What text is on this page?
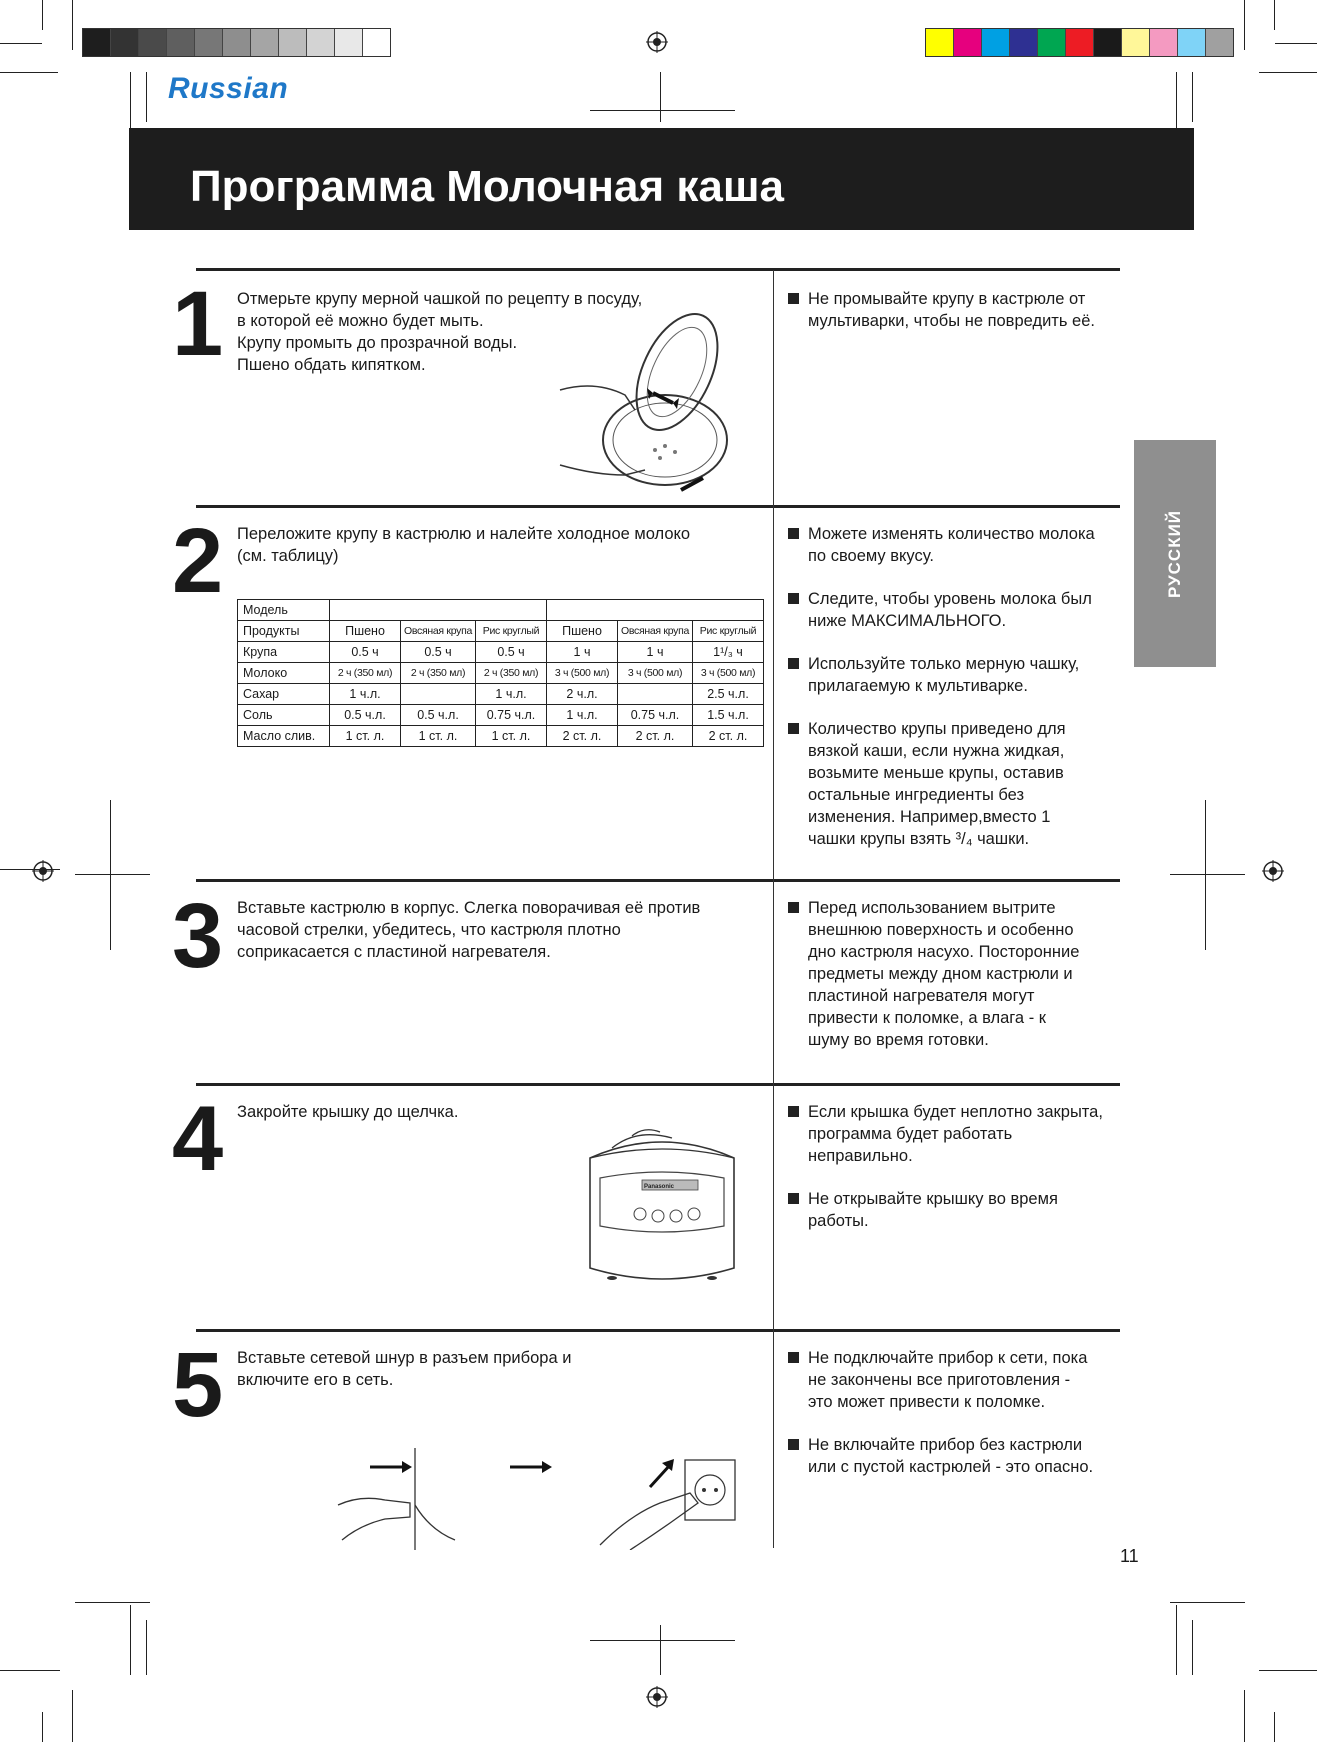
Russian
Программа Молочная каша
РУССКИЙ
1 Отмерьте крупу мерной чашкой по рецепту в посуду,
в которой её можно будет мыть.
Крупу промыть до прозрачной воды.
Пшено обдать кипятком.
Не промывайте крупу в кастрюле от
мультиварки, чтобы не повредить её.
2 Переложите крупу в кастрюлю и налейте холодное молоко
(см. таблицу)
Модель						
Продукты	Пшено	Овсяная крупа	Рис круглый	Пшено	Овсяная крупа	Рис круглый
Крупа	0.5 ч	0.5 ч	0.5 ч	1 ч	1 ч	1¹/₃ ч
Молоко	2 ч (350 мл)	2 ч (350 мл)	2 ч (350 мл)	3 ч (500 мл)	3 ч (500 мл)	3 ч (500 мл)
Сахар	1 ч.л.		1 ч.л.	2 ч.л.		2.5 ч.л.
Соль	0.5 ч.л.	0.5 ч.л.	0.75 ч.л.	1 ч.л.	0.75 ч.л.	1.5 ч.л.
Масло слив.	1 ст. л.	1 ст. л.	1 ст. л.	2 ст. л.	2 ст. л.	2 ст. л.
Можете изменять количество молока
по своему вкусу.
Следите, чтобы уровень молока был
ниже МАКСИМАЛЬНОГО.
Используйте только мерную чашку,
прилагаемую к мультиварке.
Количество крупы приведено для
вязкой каши, если нужна жидкая,
возьмите меньше крупы, оставив
остальные ингредиенты без
изменения. Например,вместо 1
чашки крупы взять ³/₄ чашки.
3 Вставьте кастрюлю в корпус. Слегка поворачивая её против
часовой стрелки, убедитесь, что кастрюля плотно
соприкасается с пластиной нагревателя.
Перед использованием вытрите
внешнюю поверхность и особенно
дно кастрюля насухо. Посторонние
предметы между дном кастрюли и
пластиной нагревателя могут
привести к поломке, а влага - к
шуму во время готовки.
4 Закройте крышку до щелчка.
Panasonic
Если крышка будет неплотно закрыта,
программа будет работать
неправильно.
Не открывайте крышку во время
работы.
5 Вставьте сетевой шнур в разъем прибора и
включите его в сеть.
Не подключайте прибор к сети, пока
не закончены все приготовления -
это может привести к поломке.
Не включайте прибор без кастрюли
или с пустой кастрюлей - это опасно.
11
